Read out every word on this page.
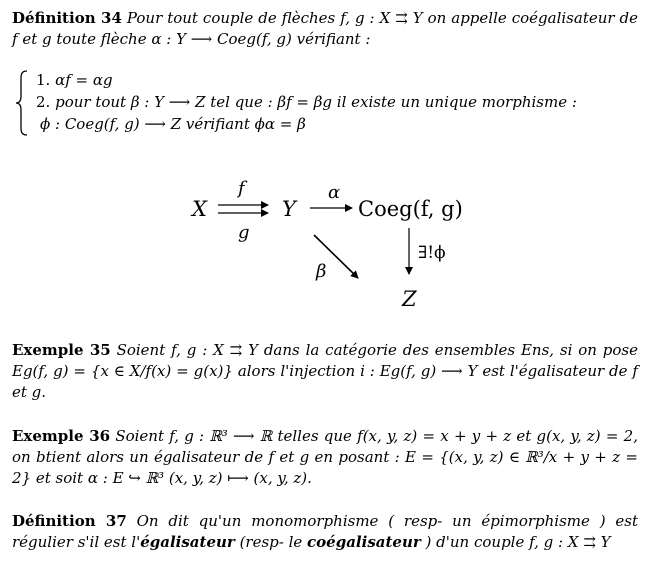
Définition 34 Pour tout couple de flèches f, g : X ⇉ Y on appelle coégalisateur de f et g toute flèche α : Y ⟶ Coeg(f, g) vérifiant :
1. αf = αg
2. pour tout β : Y ⟶ Z tel que : βf = βg il existe un unique morphisme :
ϕ : Coeg(f, g) ⟶ Z vérifiant ϕα = β
X
f
g
Y
α
Coeg(f, g)
β
∃!ϕ
Z
Exemple 35 Soient f, g : X ⇉ Y dans la catégorie des ensembles Ens, si on pose Eg(f, g) = {x ∈ X/f(x) = g(x)} alors l'injection i : Eg(f, g) ⟶ Y est l'égalisateur de f et g.
Exemple 36 Soient f, g : ℝ³ ⟶ ℝ telles que f(x, y, z) = x + y + z et g(x, y, z) = 2, on btient alors un égalisateur de f et g en posant : E = {(x, y, z) ∈ ℝ³/x + y + z = 2} et soit α : E ↪ ℝ³ (x, y, z) ⟼ (x, y, z).
Définition 37 On dit qu'un monomorphisme ( resp- un épimorphisme ) est régulier s'il est l'égalisateur (resp- le coégalisateur ) d'un couple f, g : X ⇉ Y
